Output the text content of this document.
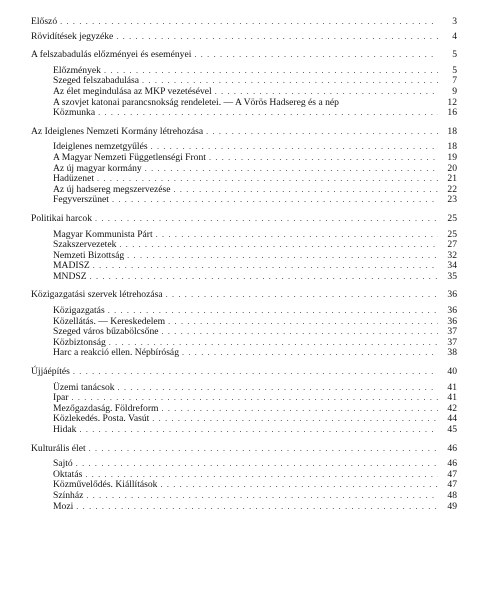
Előszó . . .	3
Rövidítések jegyzéke . . .	4
A felszabadulás előzményei és eseményei . . .	5
Előzmények . . .	5
Szeged felszabadulása . . .	7
Az élet megindulása az MKP vezetésével . . .	9
A szovjet katonai parancsnokság rendeletei. — A Vörös Hadsereg és a nép	12
Közmunka . . .	16
Az Ideiglenes Nemzeti Kormány létrehozása . . .	18
Ideiglenes nemzetgyűlés . . .	18
A Magyar Nemzeti Függetlenségi Front . . .	19
Az új magyar kormány . . .	20
Hadüzenet . . .	21
Az új hadsereg megszervezése . . .	22
Fegyverszünet . . .	23
Politikai harcok . . .	25
Magyar Kommunista Párt . . .	25
Szakszervezetek . . .	27
Nemzeti Bizottság . . .	32
MADISZ . . .	34
MNDSZ . . .	35
Közigazgatási szervek létrehozása . . .	36
Közigazgatás . . .	36
Közellátás. — Kereskedelem . . .	36
Szeged város bűzabölcsőne . . .	37
Közbiztonság . . .	37
Harc a reakció ellen. Népbíróság . . .	38
Újjáépítés . . .	40
Üzemi tanácsok . . .	41
Ipar . . .	41
Mezőgazdaság. Földreform . . .	42
Közlekedés. Posta. Vasút . . .	44
Hidak . . .	45
Kulturális élet . . .	46
Sajtó . . .	46
Oktatás . . .	47
Közművelődés. Kiállítások . . .	47
Színház . . .	48
Mozi . . .	49
